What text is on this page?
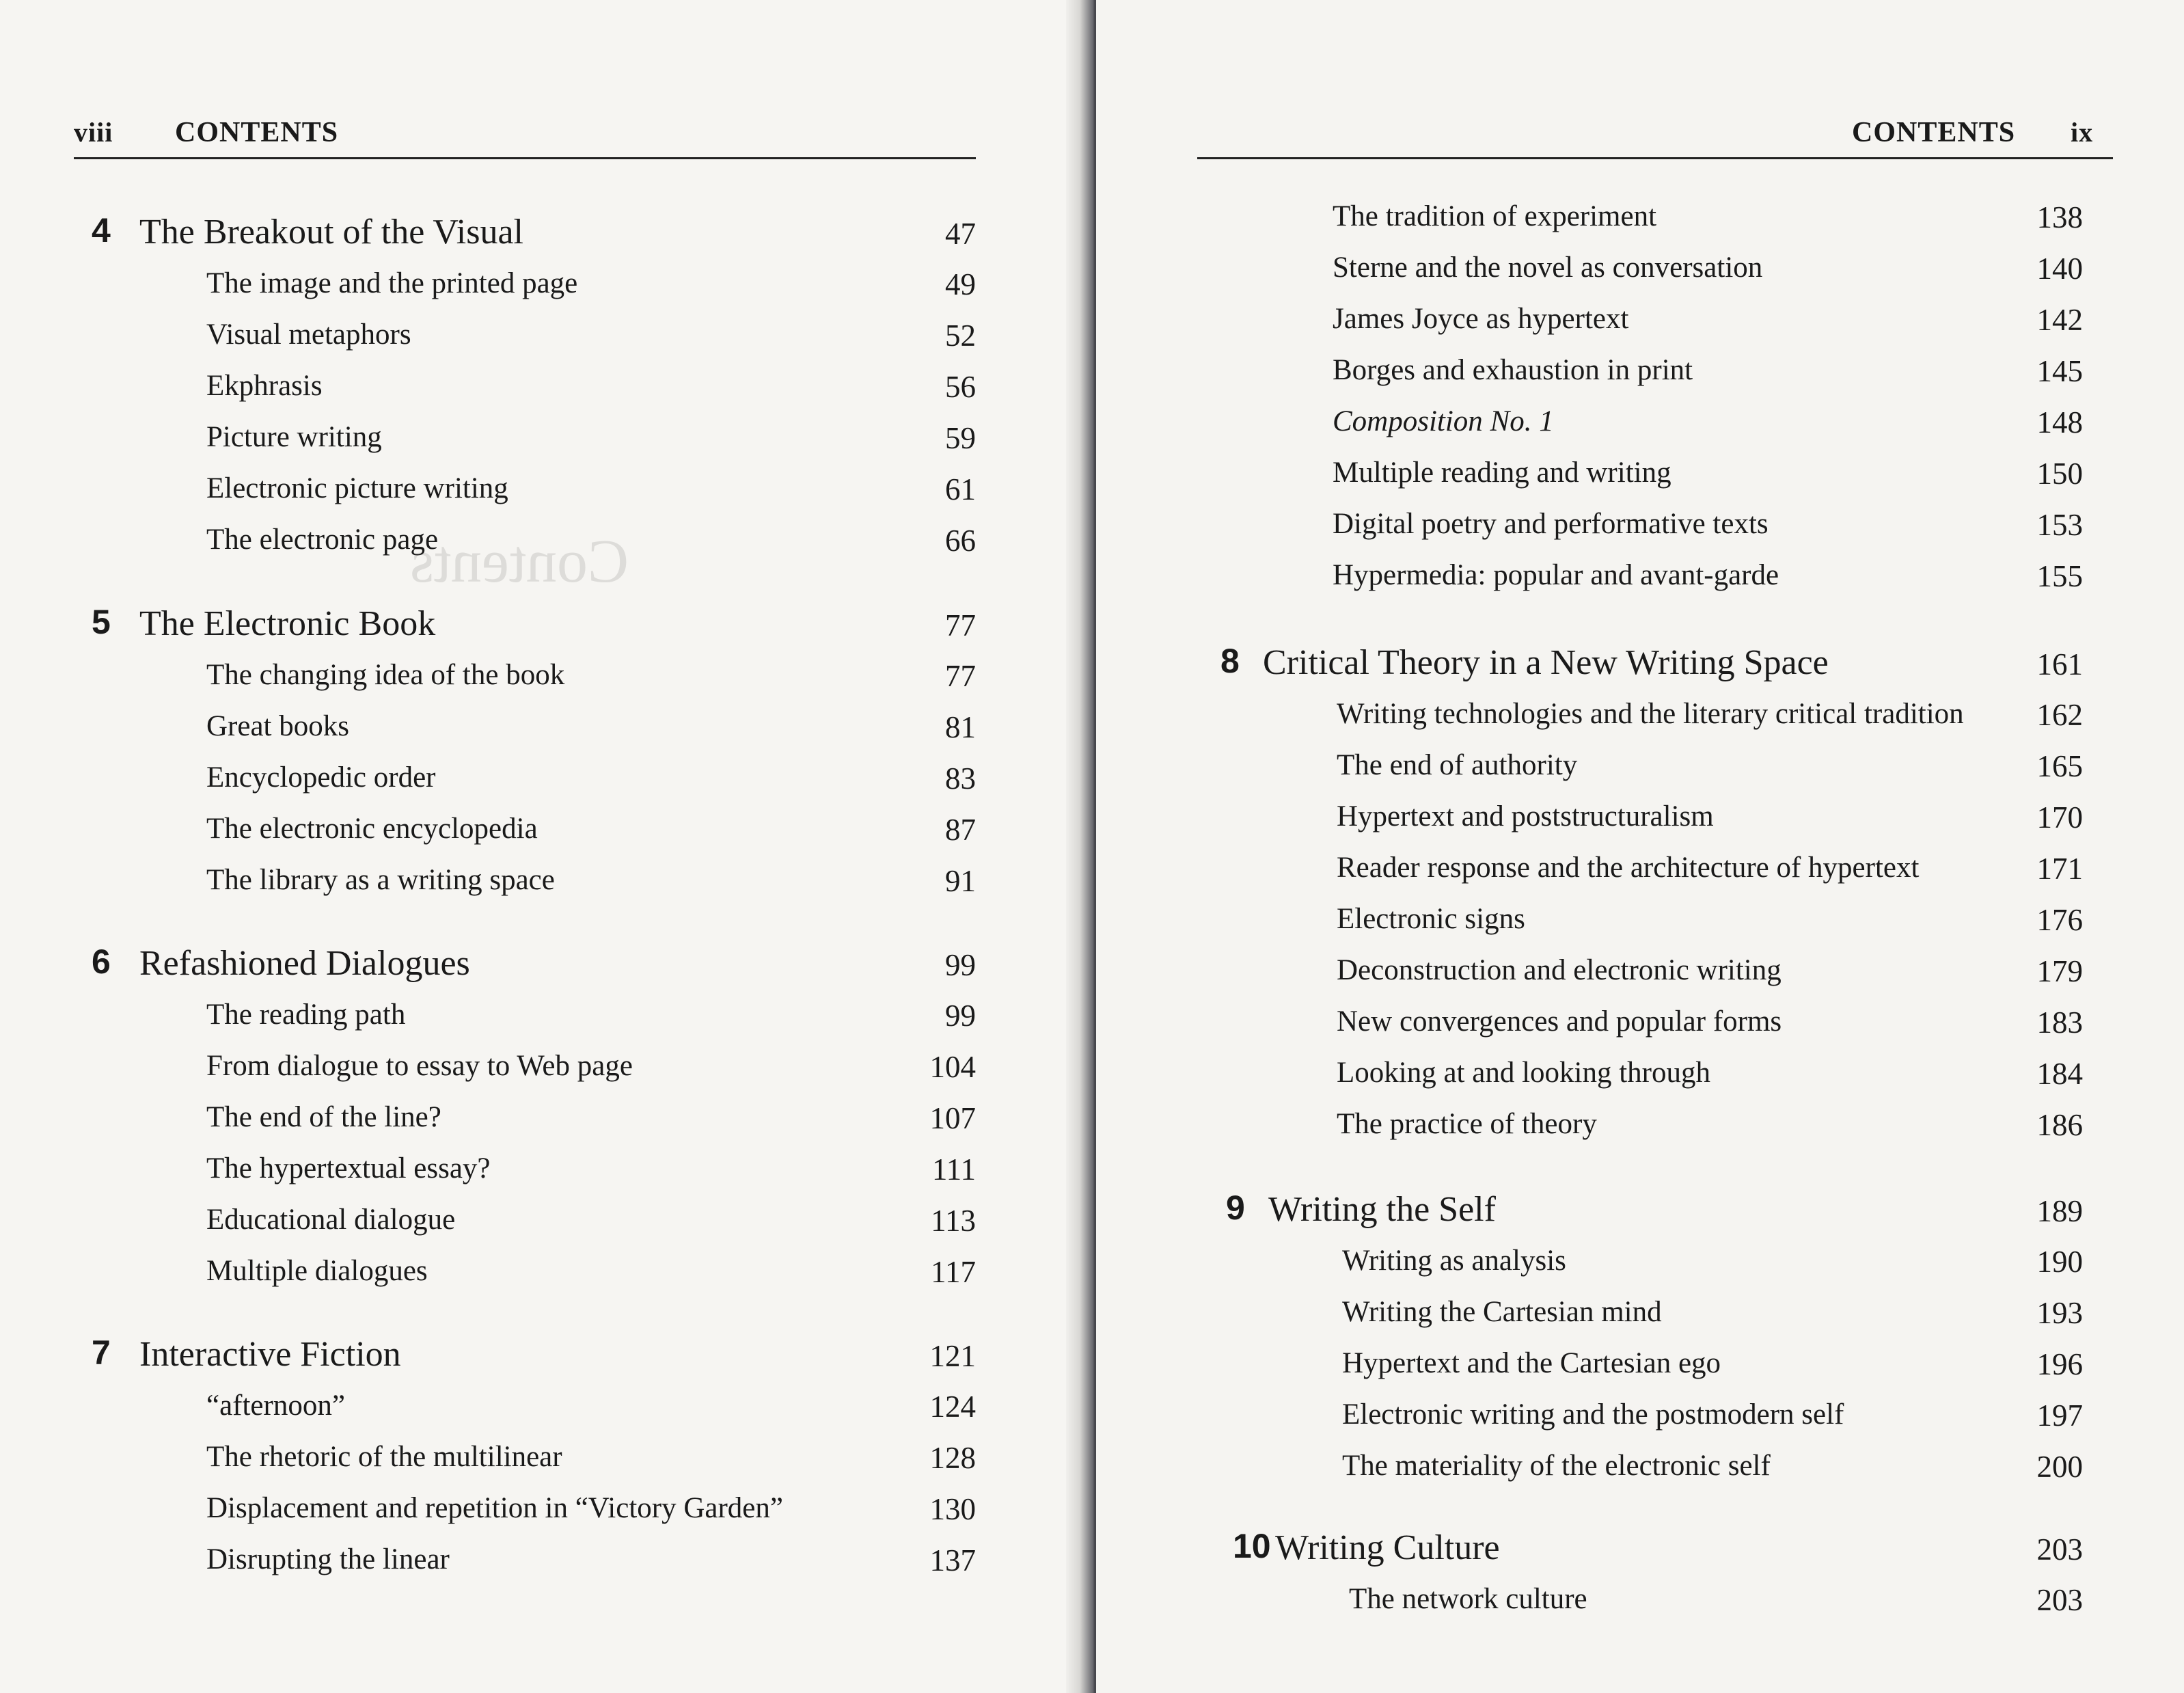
viii CONTENTS
Contents
4 The Breakout of the Visual	47
The image and the printed page	49
Visual metaphors	52
Ekphrasis	56
Picture writing	59
Electronic picture writing	61
The electronic page	66
5 The Electronic Book	77
The changing idea of the book	77
Great books	81
Encyclopedic order	83
The electronic encyclopedia	87
The library as a writing space	91
6 Refashioned Dialogues	99
The reading path	99
From dialogue to essay to Web page	104
The end of the line?	107
The hypertextual essay?	111
Educational dialogue	113
Multiple dialogues	117
7 Interactive Fiction	121
“afternoon”	124
The rhetoric of the multilinear	128
Displacement and repetition in “Victory Garden”	130
Disrupting the linear	137
CONTENTS ix
The tradition of experiment	138
Sterne and the novel as conversation	140
James Joyce as hypertext	142
Borges and exhaustion in print	145
Composition No. 1	148
Multiple reading and writing	150
Digital poetry and performative texts	153
Hypermedia: popular and avant-garde	155
8 Critical Theory in a New Writing Space	161
Writing technologies and the literary critical tradition	162
The end of authority	165
Hypertext and poststructuralism	170
Reader response and the architecture of hypertext	171
Electronic signs	176
Deconstruction and electronic writing	179
New convergences and popular forms	183
Looking at and looking through	184
The practice of theory	186
9 Writing the Self	189
Writing as analysis	190
Writing the Cartesian mind	193
Hypertext and the Cartesian ego	196
Electronic writing and the postmodern self	197
The materiality of the electronic self	200
10 Writing Culture	203
The network culture	203
